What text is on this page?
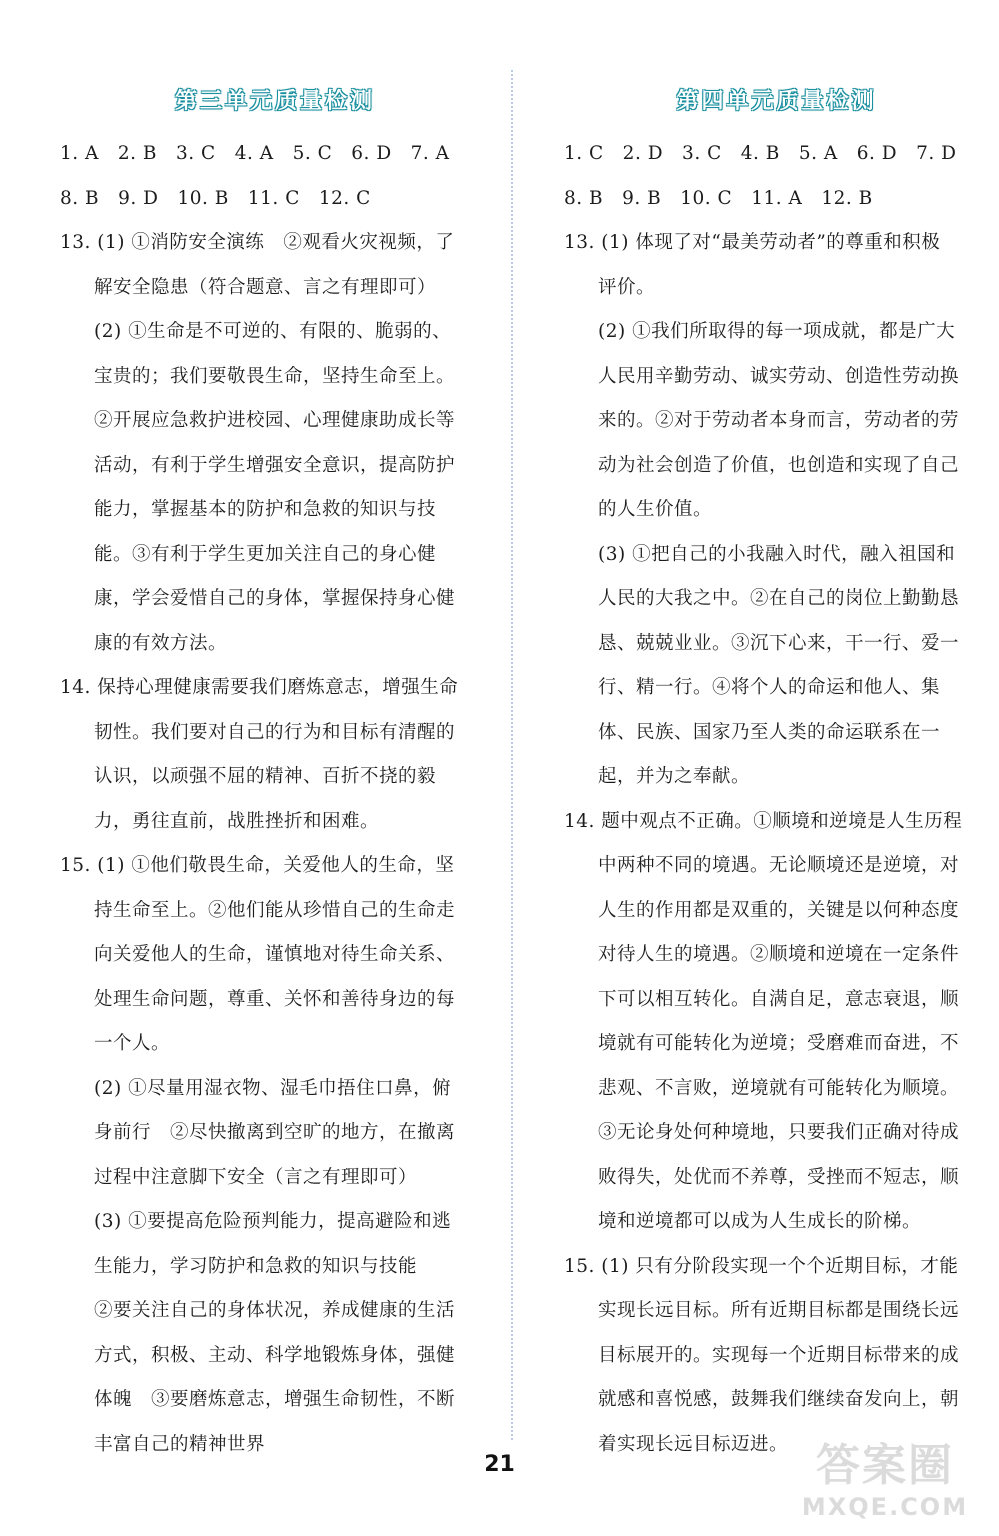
第三单元质量检测
1. A　2. B　3. C　4. A　5. C　6. D　7. A
8. B　9. D　10. B　11. C　12. C
13. (1) ①消防安全演练　②观看火灾视频，了
解安全隐患（符合题意、言之有理即可）
(2) ①生命是不可逆的、有限的、脆弱的、
宝贵的；我们要敬畏生命，坚持生命至上。
②开展应急救护进校园、心理健康助成长等
活动，有利于学生增强安全意识，提高防护
能力，掌握基本的防护和急救的知识与技
能。③有利于学生更加关注自己的身心健
康，学会爱惜自己的身体，掌握保持身心健
康的有效方法。
14. 保持心理健康需要我们磨炼意志，增强生命
韧性。我们要对自己的行为和目标有清醒的
认识，以顽强不屈的精神、百折不挠的毅
力，勇往直前，战胜挫折和困难。
15. (1) ①他们敬畏生命，关爱他人的生命，坚
持生命至上。②他们能从珍惜自己的生命走
向关爱他人的生命，谨慎地对待生命关系、
处理生命问题，尊重、关怀和善待身边的每
一个人。
(2) ①尽量用湿衣物、湿毛巾捂住口鼻，俯
身前行　②尽快撤离到空旷的地方，在撤离
过程中注意脚下安全（言之有理即可）
(3) ①要提高危险预判能力，提高避险和逃
生能力，学习防护和急救的知识与技能
②要关注自己的身体状况，养成健康的生活
方式，积极、主动、科学地锻炼身体，强健
体魄　③要磨炼意志，增强生命韧性，不断
丰富自己的精神世界
第四单元质量检测
1. C　2. D　3. C　4. B　5. A　6. D　7. D
8. B　9. B　10. C　11. A　12. B
13. (1) 体现了对“最美劳动者”的尊重和积极
评价。
(2) ①我们所取得的每一项成就，都是广大
人民用辛勤劳动、诚实劳动、创造性劳动换
来的。②对于劳动者本身而言，劳动者的劳
动为社会创造了价值，也创造和实现了自己
的人生价值。
(3) ①把自己的小我融入时代，融入祖国和
人民的大我之中。②在自己的岗位上勤勤恳
恳、兢兢业业。③沉下心来，干一行、爱一
行、精一行。④将个人的命运和他人、集
体、民族、国家乃至人类的命运联系在一
起，并为之奉献。
14. 题中观点不正确。①顺境和逆境是人生历程
中两种不同的境遇。无论顺境还是逆境，对
人生的作用都是双重的，关键是以何种态度
对待人生的境遇。②顺境和逆境在一定条件
下可以相互转化。自满自足，意志衰退，顺
境就有可能转化为逆境；受磨难而奋进，不
悲观、不言败，逆境就有可能转化为顺境。
③无论身处何种境地，只要我们正确对待成
败得失，处优而不养尊，受挫而不短志，顺
境和逆境都可以成为人生成长的阶梯。
15. (1) 只有分阶段实现一个个近期目标，才能
实现长远目标。所有近期目标都是围绕长远
目标展开的。实现每一个近期目标带来的成
就感和喜悦感，鼓舞我们继续奋发向上，朝
着实现长远目标迈进。
21	答案圈
MXQE.COM
